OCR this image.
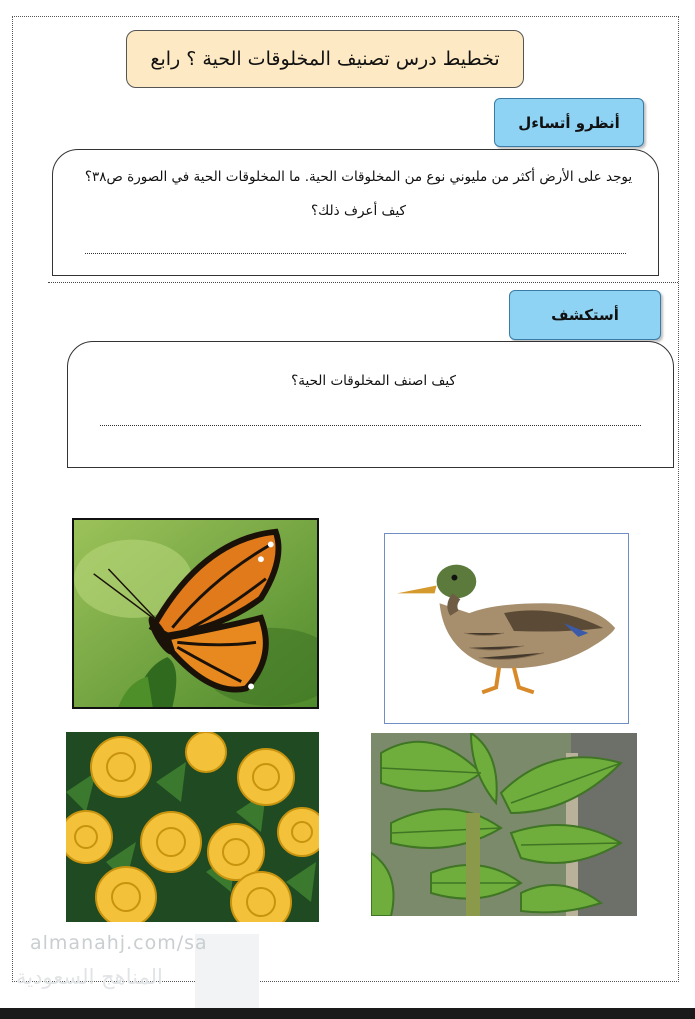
تخطيط درس تصنيف المخلوقات الحية ؟ رابع
أنظرو أتساءل
يوجد على الأرض أكثر من مليوني نوع من المخلوقات الحية. ما المخلوقات الحية في الصورة ص٣٨؟
كيف أعرف ذلك؟
أستكشف
كيف اصنف المخلوقات الحية؟
almanahj.com/sa
المناهج السعودية
